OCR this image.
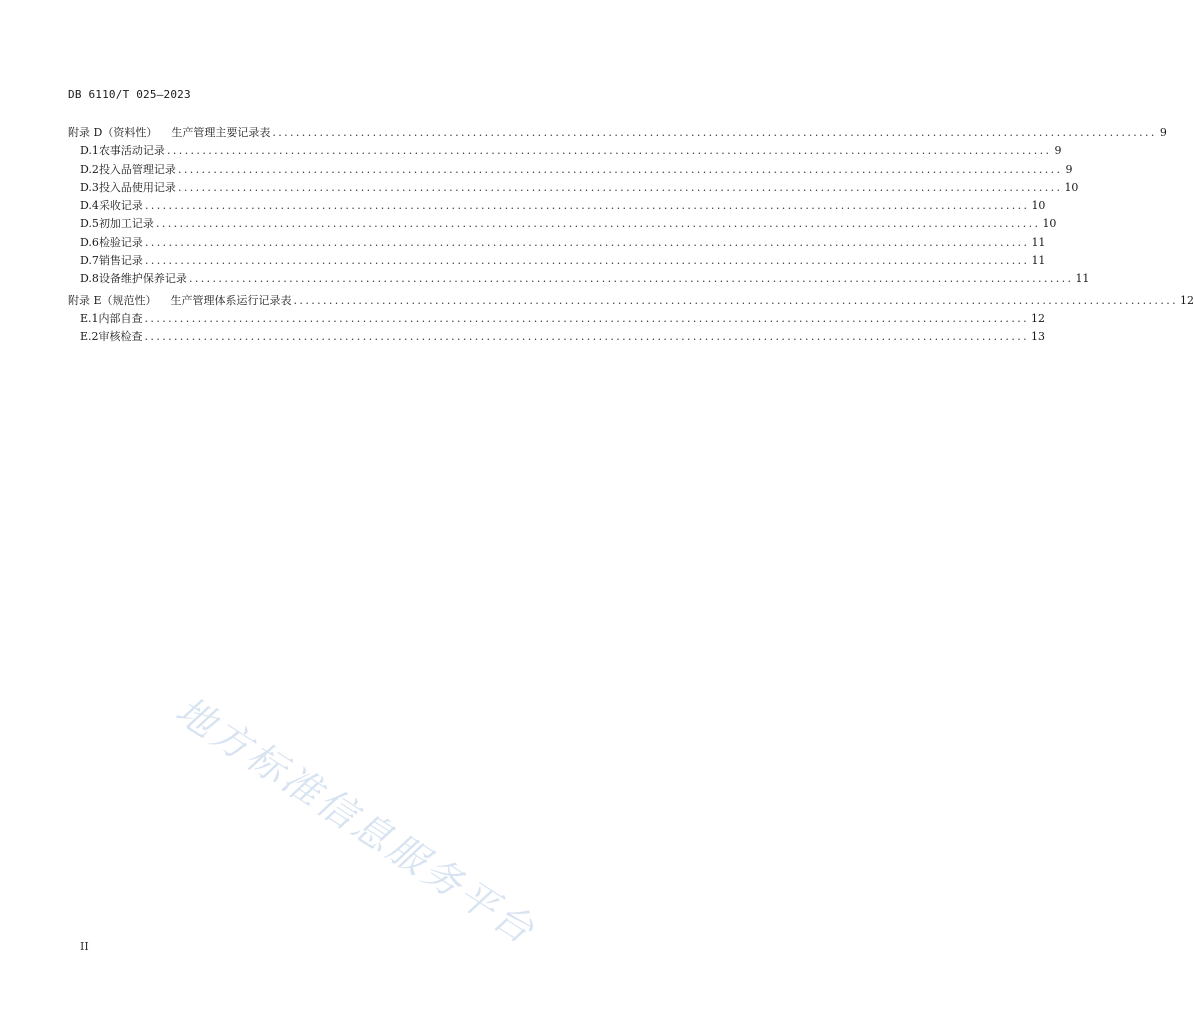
DB 6110/T 025—2023
附录 D（资料性） 生产管理主要记录表 ...................................................................................................................................................... 9
D.1 农事活动记录 ...................................................................................................................................................... 9
D.2 投入品管理记录 ...................................................................................................................................................... 9
D.3 投入品使用记录 ...................................................................................................................................................... 10
D.4 采收记录 ...................................................................................................................................................... 10
D.5 初加工记录 ...................................................................................................................................................... 10
D.6 检验记录 ...................................................................................................................................................... 11
D.7 销售记录 ...................................................................................................................................................... 11
D.8 设备维护保养记录 ...................................................................................................................................................... 11
附录 E（规范性） 生产管理体系运行记录表 ...................................................................................................................................................... 12
E.1 内部自查 ...................................................................................................................................................... 12
E.2 审核检查 ...................................................................................................................................................... 13
地方标准信息服务平台
II
